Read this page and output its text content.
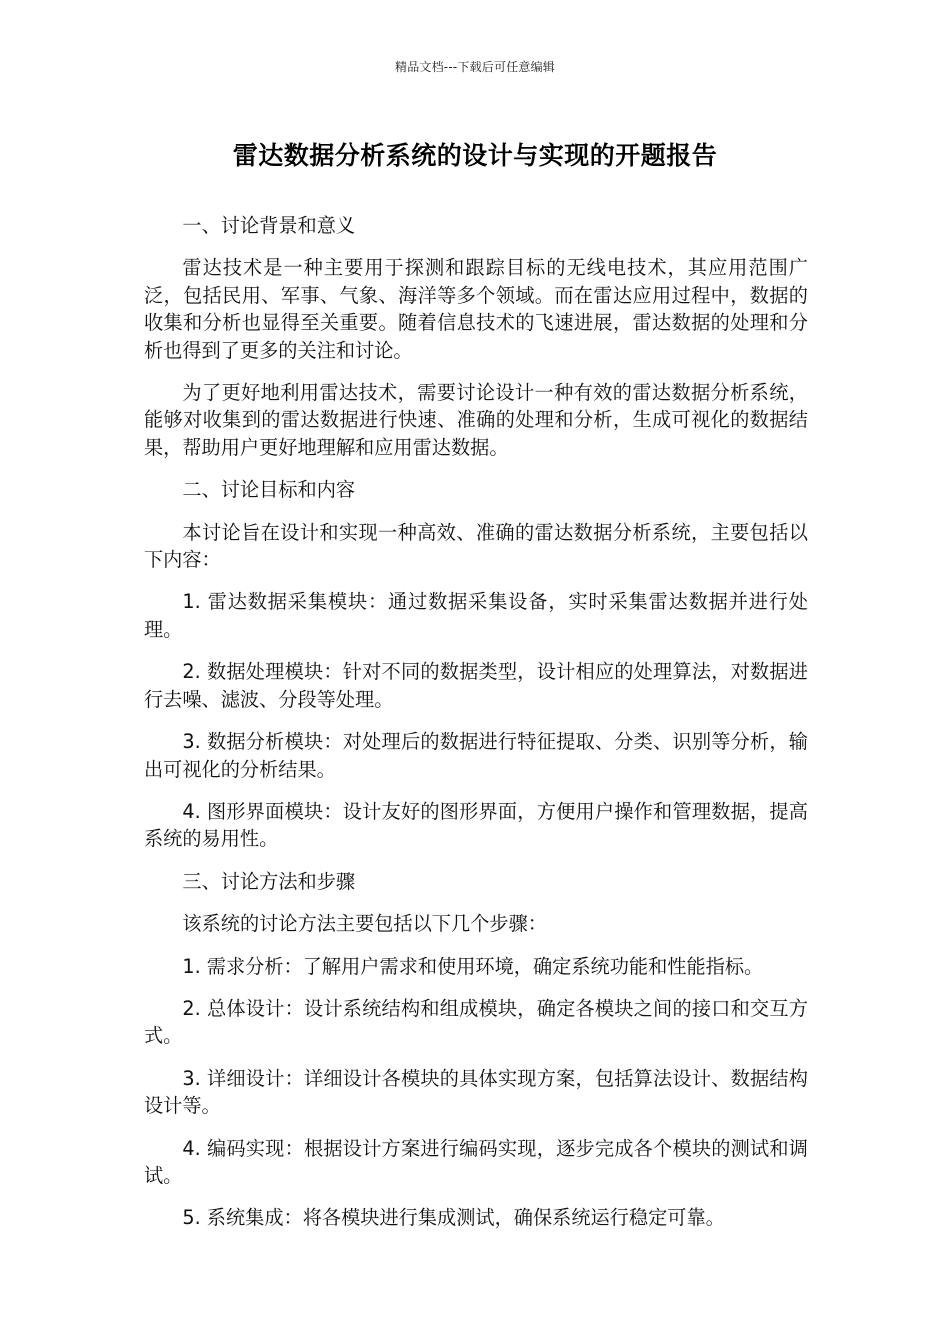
精品文档---下载后可任意编辑
雷达数据分析系统的设计与实现的开题报告

一、讨论背景和意义

雷达技术是一种主要用于探测和跟踪目标的无线电技术，其应用范围广泛，包括民用、军事、气象、海洋等多个领域。而在雷达应用过程中，数据的收集和分析也显得至关重要。随着信息技术的飞速进展，雷达数据的处理和分析也得到了更多的关注和讨论。

为了更好地利用雷达技术，需要讨论设计一种有效的雷达数据分析系统，能够对收集到的雷达数据进行快速、准确的处理和分析，生成可视化的数据结果，帮助用户更好地理解和应用雷达数据。

二、讨论目标和内容

本讨论旨在设计和实现一种高效、准确的雷达数据分析系统，主要包括以下内容：

1. 雷达数据采集模块：通过数据采集设备，实时采集雷达数据并进行处理。

2. 数据处理模块：针对不同的数据类型，设计相应的处理算法，对数据进行去噪、滤波、分段等处理。

3. 数据分析模块：对处理后的数据进行特征提取、分类、识别等分析，输出可视化的分析结果。

4. 图形界面模块：设计友好的图形界面，方便用户操作和管理数据，提高系统的易用性。

三、讨论方法和步骤

该系统的讨论方法主要包括以下几个步骤：

1. 需求分析：了解用户需求和使用环境，确定系统功能和性能指标。

2. 总体设计：设计系统结构和组成模块，确定各模块之间的接口和交互方式。

3. 详细设计：详细设计各模块的具体实现方案，包括算法设计、数据结构设计等。

4. 编码实现：根据设计方案进行编码实现，逐步完成各个模块的测试和调试。

5. 系统集成：将各模块进行集成测试，确保系统运行稳定可靠。
